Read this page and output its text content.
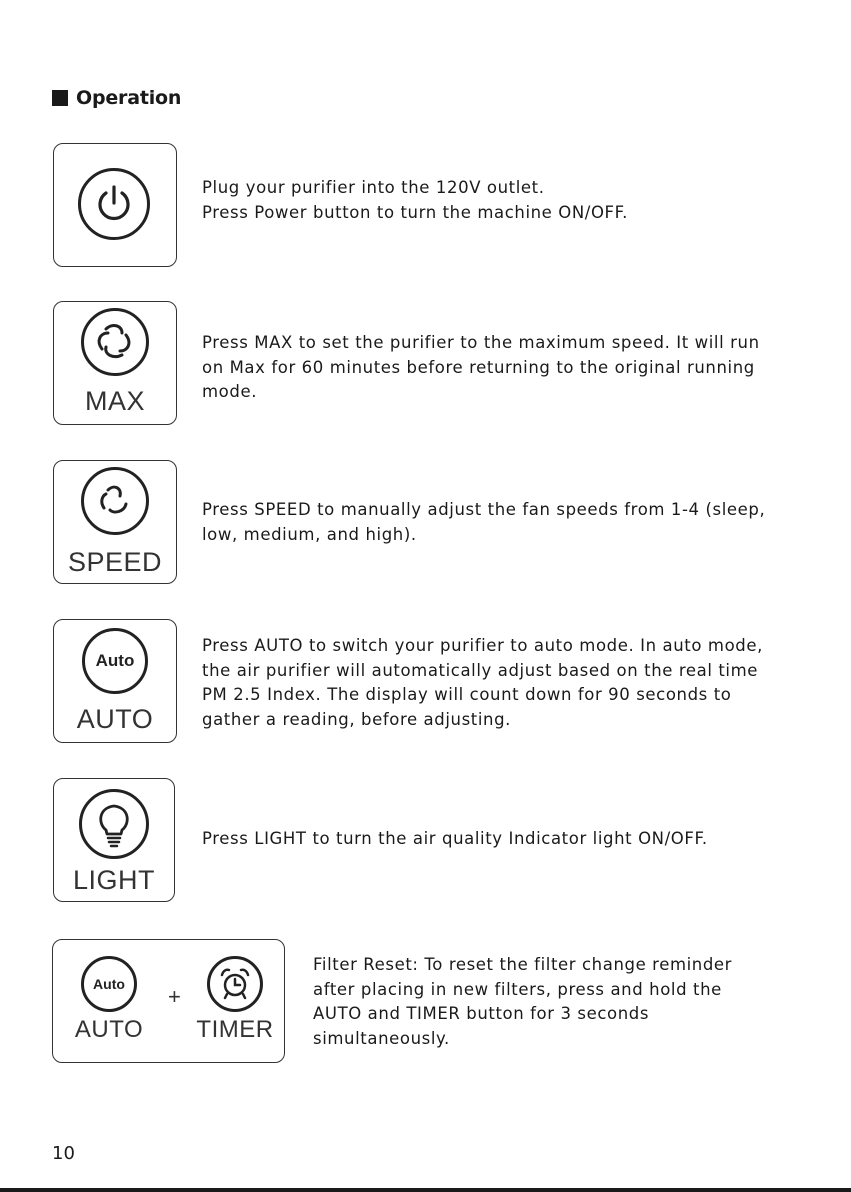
Operation

Plug your purifier into the 120V outlet.

Press Power button to turn the machine ON/OFF.

MAX

Press MAX to set the purifier to the maximum speed. It will run

on Max for 60 minutes before returning to the original running

mode.

SPEED

Press SPEED to manually adjust the fan speeds from 1-4 (sleep,

low, medium, and high).

Auto
AUTO

Press AUTO to switch your purifier to auto mode. In auto mode,

the air purifier will automatically adjust based on the real time

PM 2.5 Index. The display will count down for 90 seconds to

gather a reading, before adjusting.

LIGHT

Press LIGHT to turn the air quality Indicator light ON/OFF.

Auto
AUTO
+
TIMER

Filter Reset: To reset the filter change reminder

after placing in new filters, press and hold the

AUTO and TIMER button for 3 seconds

simultaneously.

10
